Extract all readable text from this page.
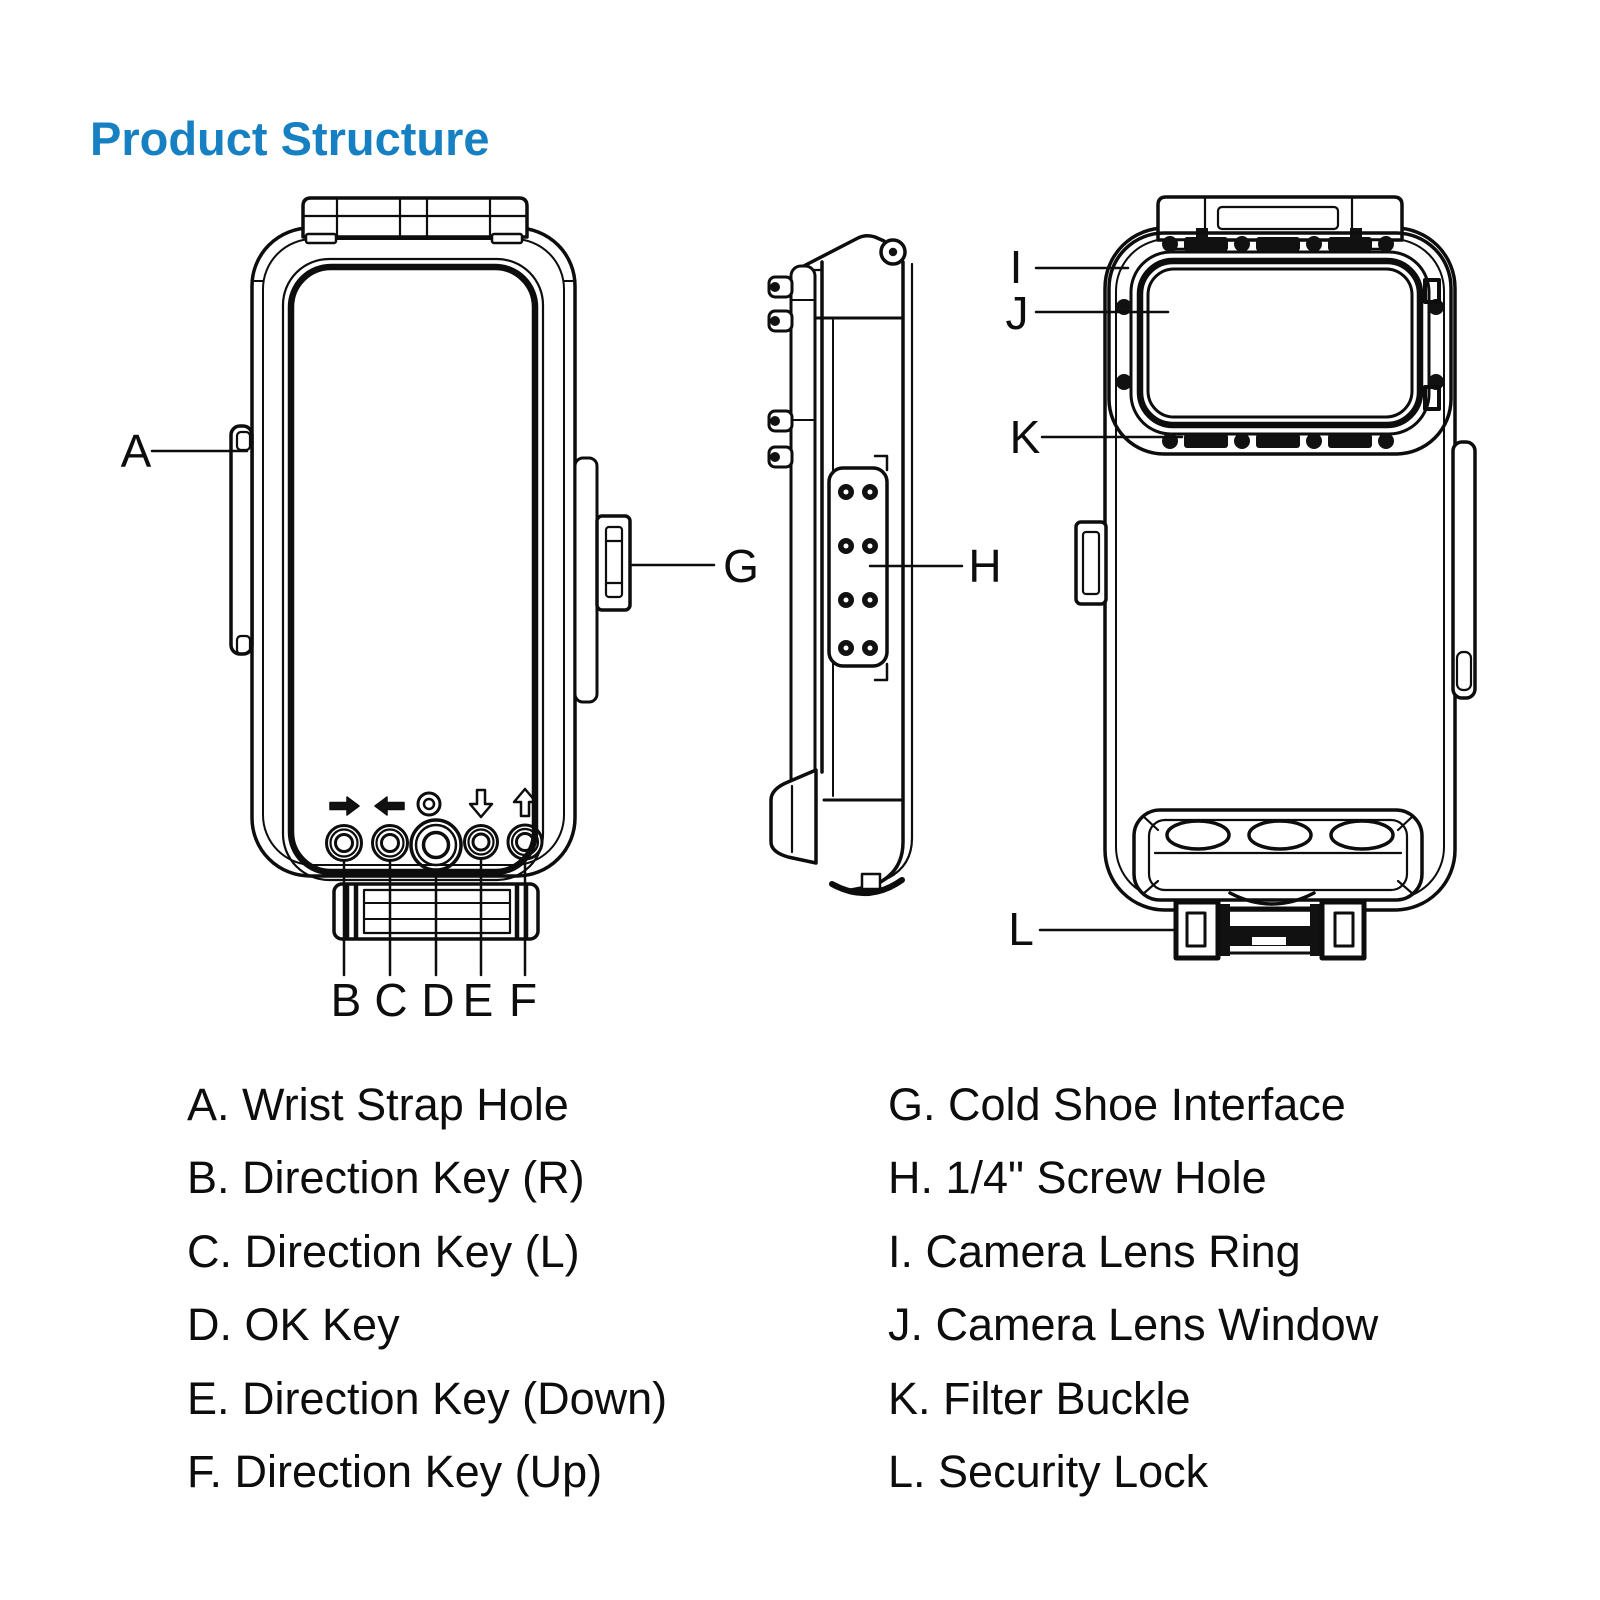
Product Structure
A
G	H
I
J
K
L
B C D E F
A. Wrist Strap Hole
B. Direction Key (R)
C. Direction Key (L)
D. OK Key
E. Direction Key (Down)
F. Direction Key (Up)
G. Cold Shoe Interface
H. 1/4" Screw Hole
I. Camera Lens Ring
J. Camera Lens Window
K. Filter Buckle
L. Security Lock
